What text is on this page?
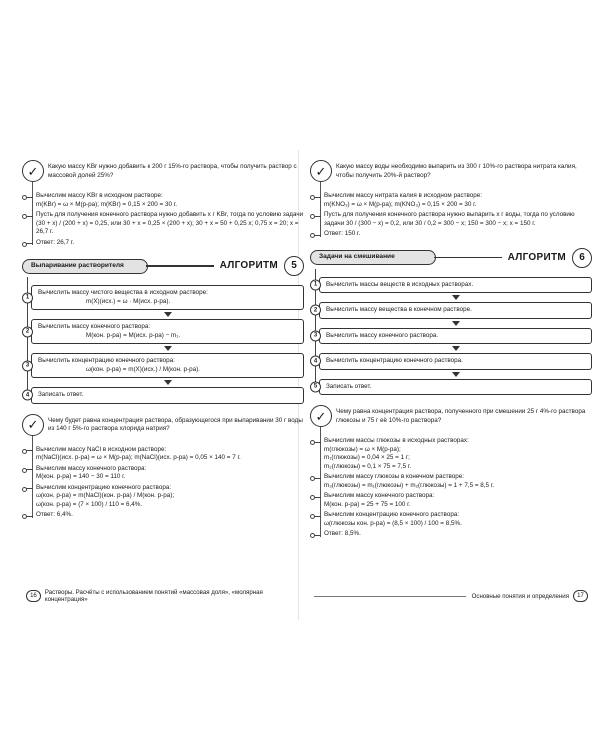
✓	Какую массу KBr нужно добавить к 200 г 15%-го раствора, чтобы получить раствор с массовой долей 25%?
Вычислим массу KBr в исходном растворе:
m(KBr) = ω × M(р-ра); m(KBr) = 0,15 × 200 = 30 г.
Пусть для получения конечного раствора нужно добавить x г KBr, тогда по условию задачи (30 + x) / (200 + x) = 0,25, или 30 + x = 0,25 × (200 + x); 30 + x = 50 + 0,25 x; 0,75 x = 20; x = 26,7 г.
Ответ: 26,7 г.
Выпаривание растворителя	АЛГОРИТМ	5
1
Вычислить массу чистого вещества в исходном растворе:
m(X)(исх.) = ω · M(исх. р-ра).
2
Вычислить массу конечного раствора:
M(кон. р-ра) = M(исх. р-ра) − m₁.
3
Вычислить концентрацию конечного раствора:
ω(кон. р-ра) = m(X)(исх.) / M(кон. р-ра).
4	Записать ответ.
✓	Чему будет равна концентрация раствора, образующегося при выпаривании 30 г воды из 140 г 5%-го раствора хлорида натрия?
Вычислим массу NaCl в исходном растворе:
m(NaCl)(исх. р-ра) = ω × M(р-ра); m(NaCl)(исх. р-ра) = 0,05 × 140 = 7 г.
Вычислим массу конечного раствора:
M(кон. р-ра) = 140 − 30 = 110 г.
Вычислим концентрацию конечного раствора:
ω(кон. р-ра) = m(NaCl)(кон. р-ра) / M(кон. р-ра);
ω(кон. р-ра) = (7 × 100) / 110 = 6,4%.
Ответ: 6,4%.
16	Растворы. Расчёты с использованием понятий «массовая доля», «молярная концентрация»
✓	Какую массу воды необходимо выпарить из 300 г 10%-го раствора нитрата калия, чтобы получить 20%-й раствор?
Вычислим массу нитрата калия в исходном растворе:
m(KNO₃) = ω × M(р-ра); m(KNO₃) = 0,15 × 200 = 30 г.
Пусть для получения конечного раствора нужно выпарить x г воды, тогда по условию задачи 30 / (300 − x) = 0,2, или 30 / 0,2 = 300 − x; 150 = 300 − x; x = 150 г.
Ответ: 150 г.
Задачи на смешивание	АЛГОРИТМ	6
1	Вычислить массы веществ в исходных растворах.
2	Вычислить массу вещества в конечном растворе.
3	Вычислить массу конечного раствора.
4	Вычислить концентрацию конечного раствора.
5	Записать ответ.
✓	Чему равна концентрация раствора, полученного при смешении 25 г 4%-го раствора глюкозы и 75 г её 10%-го раствора?
Вычислим массы глюкозы в исходных растворах:
m(глюкозы) = ω × M(р-ра);
m₁(глюкозы) = 0,04 × 25 = 1 г;
m₂(глюкозы) = 0,1 × 75 = 7,5 г.
Вычислим массу глюкозы в конечном растворе:
m₃(глюкозы) = m₁(глюкозы) + m₂(глюкозы) = 1 + 7,5 = 8,5 г.
Вычислим массу конечного раствора:
M(кон. р-ра) = 25 + 75 = 100 г.
Вычислим концентрацию конечного раствора:
ω(глюкозы кон. р-ра) = (8,5 × 100) / 100 = 8,5%.
Ответ: 8,5%.
Основные понятия и определения	17
